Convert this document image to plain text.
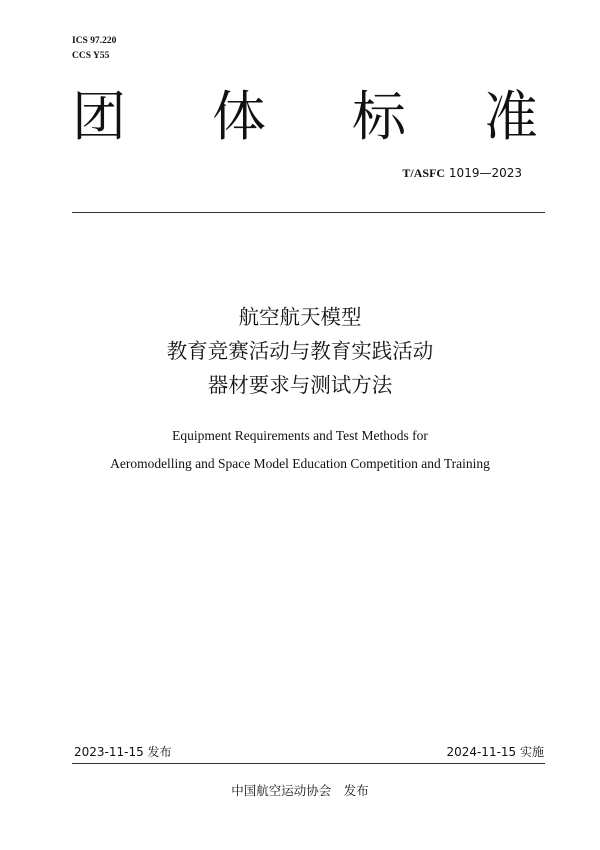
ICS 97.220
CCS Y55
团 体 标 准
T/ASFC 1019—2023
航空航天模型
教育竞赛活动与教育实践活动
器材要求与测试方法
Equipment Requirements and Test Methods for
Aeromodelling and Space Model Education Competition and Training
2023-11-15 发布	2024-11-15 实施
中国航空运动协会　发布
